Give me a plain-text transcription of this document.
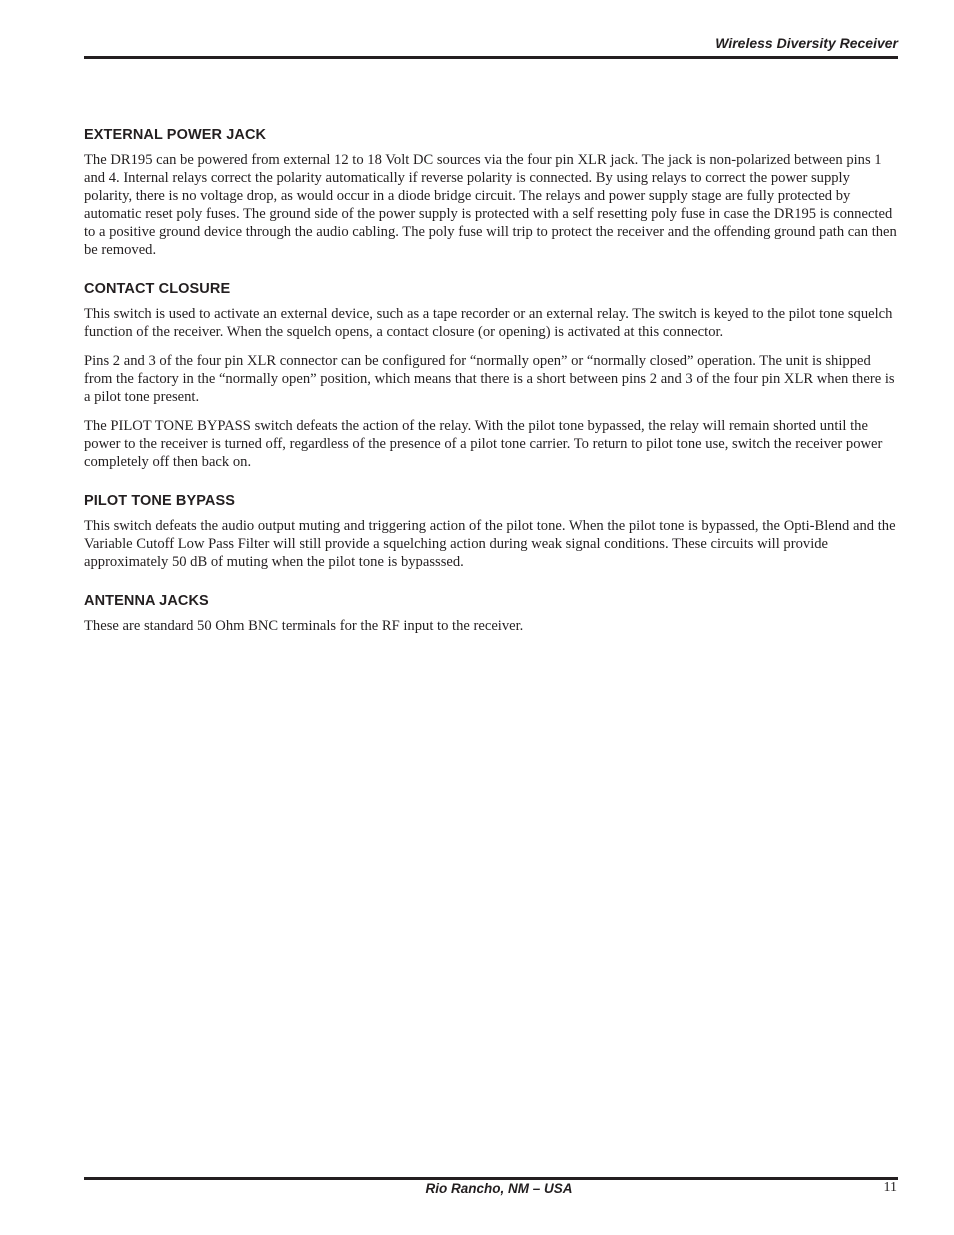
Wireless Diversity Receiver
EXTERNAL POWER JACK

The DR195 can be powered from external 12 to 18 Volt DC sources via the four pin XLR jack. The jack is non-polarized between pins 1 and 4. Internal relays correct the polarity automatically if reverse polarity is connected. By using relays to correct the power supply polarity, there is no voltage drop, as would occur in a diode bridge circuit. The relays and power supply stage are fully protected by automatic reset poly fuses. The ground side of the power supply is protected with a self resetting poly fuse in case the DR195 is connected to a positive ground device through the audio cabling. The poly fuse will trip to protect the receiver and the offending ground path can then be removed.

CONTACT CLOSURE

This switch is used to activate an external device, such as a tape recorder or an external relay. The switch is keyed to the pilot tone squelch function of the receiver. When the squelch opens, a contact closure (or opening) is activated at this connector.

Pins 2 and 3 of the four pin XLR connector can be configured for “normally open” or “normally closed” operation. The unit is shipped from the factory in the “normally open” position, which means that there is a short between pins 2 and 3 of the four pin XLR when there is a pilot tone present.

The PILOT TONE BYPASS switch defeats the action of the relay. With the pilot tone bypassed, the relay will remain shorted until the power to the receiver is turned off, regardless of the presence of a pilot tone carrier. To return to pilot tone use, switch the receiver power completely off then back on.

PILOT TONE BYPASS

This switch defeats the audio output muting and triggering action of the pilot tone. When the pilot tone is bypassed, the Opti-Blend and the Variable Cutoff Low Pass Filter will still provide a squelching action during weak signal conditions. These circuits will provide approximately 50 dB of muting when the pilot tone is bypasssed.

ANTENNA JACKS

These are standard 50 Ohm BNC terminals for the RF input to the receiver.

Rio Rancho, NM – USA	11
